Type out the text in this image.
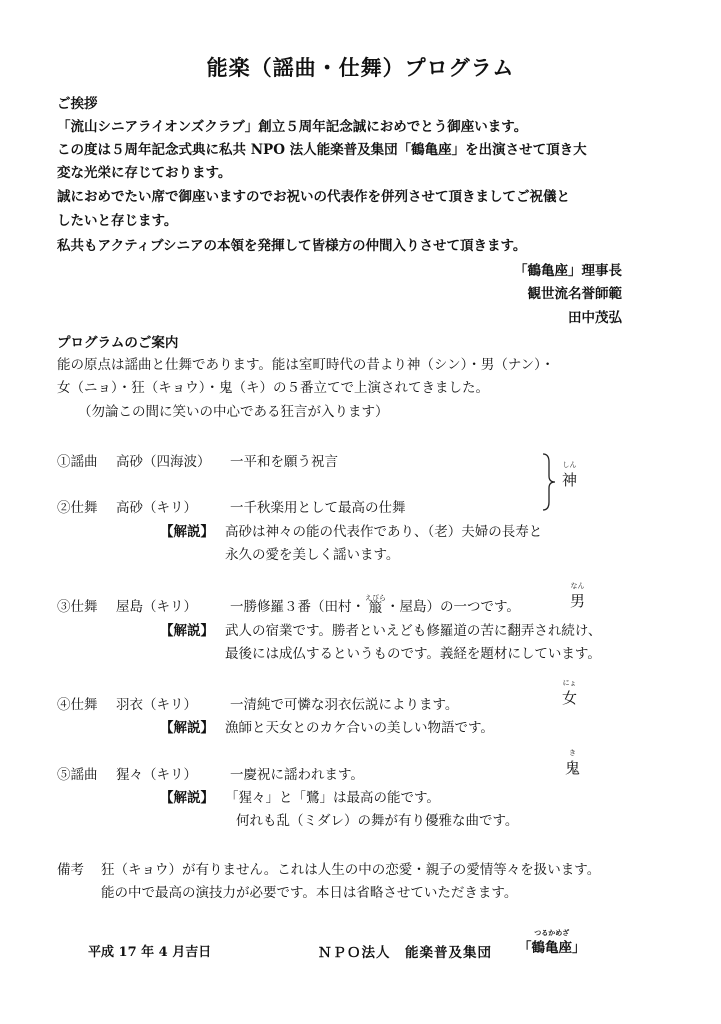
能楽（謡曲・仕舞）プログラム
ご挨拶
「流山シニアライオンズクラブ」創立５周年記念誠におめでとう御座います。
この度は５周年記念式典に私共 NPO 法人能楽普及集団「鶴亀座」を出演させて頂き大
変な光栄に存じております。
誠におめでたい席で御座いますのでお祝いの代表作を併列させて頂きましてご祝儀と
したいと存じます。
私共もアクティブシニアの本領を発揮して皆様方の仲間入りさせて頂きます。
「鶴亀座」理事長
観世流名誉師範
田中茂弘
プログラムのご案内
能の原点は謡曲と仕舞であります。能は室町時代の昔より神（シン）・男（ナン）・
女（ニョ）・狂（キョウ）・鬼（キ）の５番立てで上演されてきました。
（勿論この間に笑いの中心である狂言が入ります）
①謡曲 高砂（四海波） 一平和を願う祝言	しん
神
②仕舞 高砂（キリ） 一千秋楽用として最高の仕舞
【解説】 高砂は神々の能の代表作であり、（老）夫婦の長寿と
永久の愛を美しく謡います。
③仕舞 屋島（キリ） 一勝修羅３番（田村・
えびら
箙 ・屋島）の一つです。
なん
男
【解説】 武人の宿業です。勝者といえども修羅道の苦に翻弄され続け、
最後には成仏するというものです。義経を題材にしています。
④仕舞 羽衣（キリ） 一清純で可憐な羽衣伝説によります。
にょ
女
【解説】 漁師と天女とのカケ合いの美しい物語です。
⑤謡曲 猩々（キリ） 一慶祝に謡われます。
き
鬼
【解説】 「猩々」と「鷺」は最高の能です。
何れも乱（ミダレ）の舞が有り優雅な曲です。
備考 狂（キョウ）が有りません。これは人生の中の恋愛・親子の愛情等々を扱います。
能の中で最高の演技力が必要です。本日は省略させていただきます。
平成 17 年 4 月吉日	ＮＰＯ法人　能楽普及集団
つるかめざ
「鶴亀座」
